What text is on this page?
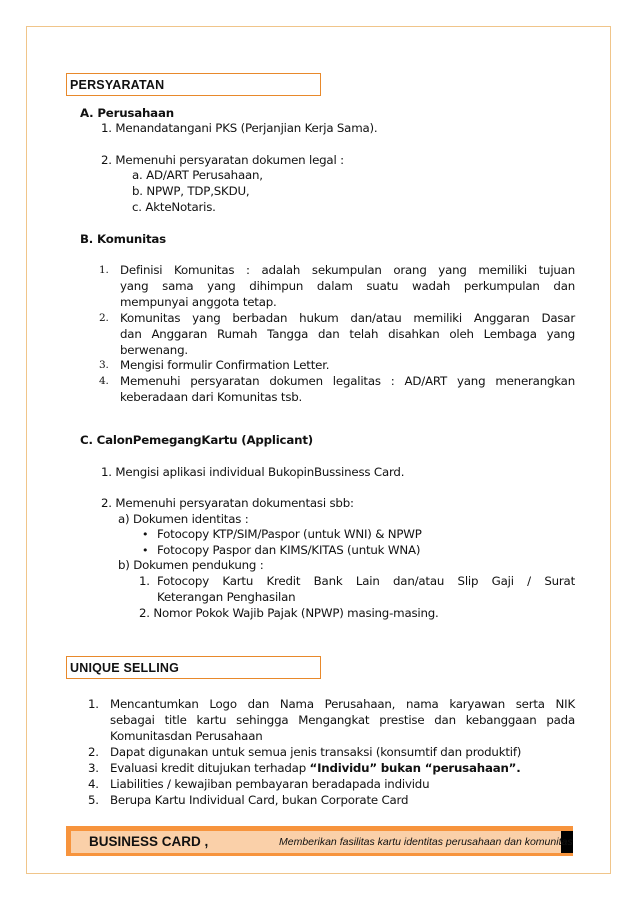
PERSYARATAN
A. Perusahaan
1. Menandatangani PKS (Perjanjian Kerja Sama).
2. Memenuhi persyaratan dokumen legal :
a. AD/ART Perusahaan,
b. NPWP, TDP,SKDU,
c. AkteNotaris.
B. Komunitas
1. Definisi Komunitas : adalah sekumpulan orang yang memiliki tujuan
yang sama yang dihimpun dalam suatu wadah perkumpulan dan
mempunyai anggota tetap.
2. Komunitas yang berbadan hukum dan/atau memiliki Anggaran Dasar
dan Anggaran Rumah Tangga dan telah disahkan oleh Lembaga yang
berwenang.
3. Mengisi formulir Confirmation Letter.
4. Memenuhi persyaratan dokumen legalitas : AD/ART yang menerangkan
keberadaan dari Komunitas tsb.
C. CalonPemegangKartu (Applicant)
1. Mengisi aplikasi individual BukopinBussiness Card.
2. Memenuhi persyaratan dokumentasi sbb:
a) Dokumen identitas :
• Fotocopy KTP/SIM/Paspor (untuk WNI) & NPWP
• Fotocopy Paspor dan KIMS/KITAS (untuk WNA)
b) Dokumen pendukung :
1. Fotocopy Kartu Kredit Bank Lain dan/atau Slip Gaji / Surat
Keterangan Penghasilan
2. Nomor Pokok Wajib Pajak (NPWP) masing-masing.
UNIQUE SELLING
1. Mencantumkan Logo dan Nama Perusahaan, nama karyawan serta NIK
sebagai title kartu sehingga Mengangkat prestise dan kebanggaan pada
Komunitasdan Perusahaan
2. Dapat digunakan untuk semua jenis transaksi (konsumtif dan produktif)
3. Evaluasi kredit ditujukan terhadap “Individu” bukan “perusahaan”.
4. Liabilities / kewajiban pembayaran beradapada individu
5. Berupa Kartu Individual Card, bukan Corporate Card
BUSINESS CARD ,	Memberikan fasilitas kartu identitas perusahaan dan komunitas
